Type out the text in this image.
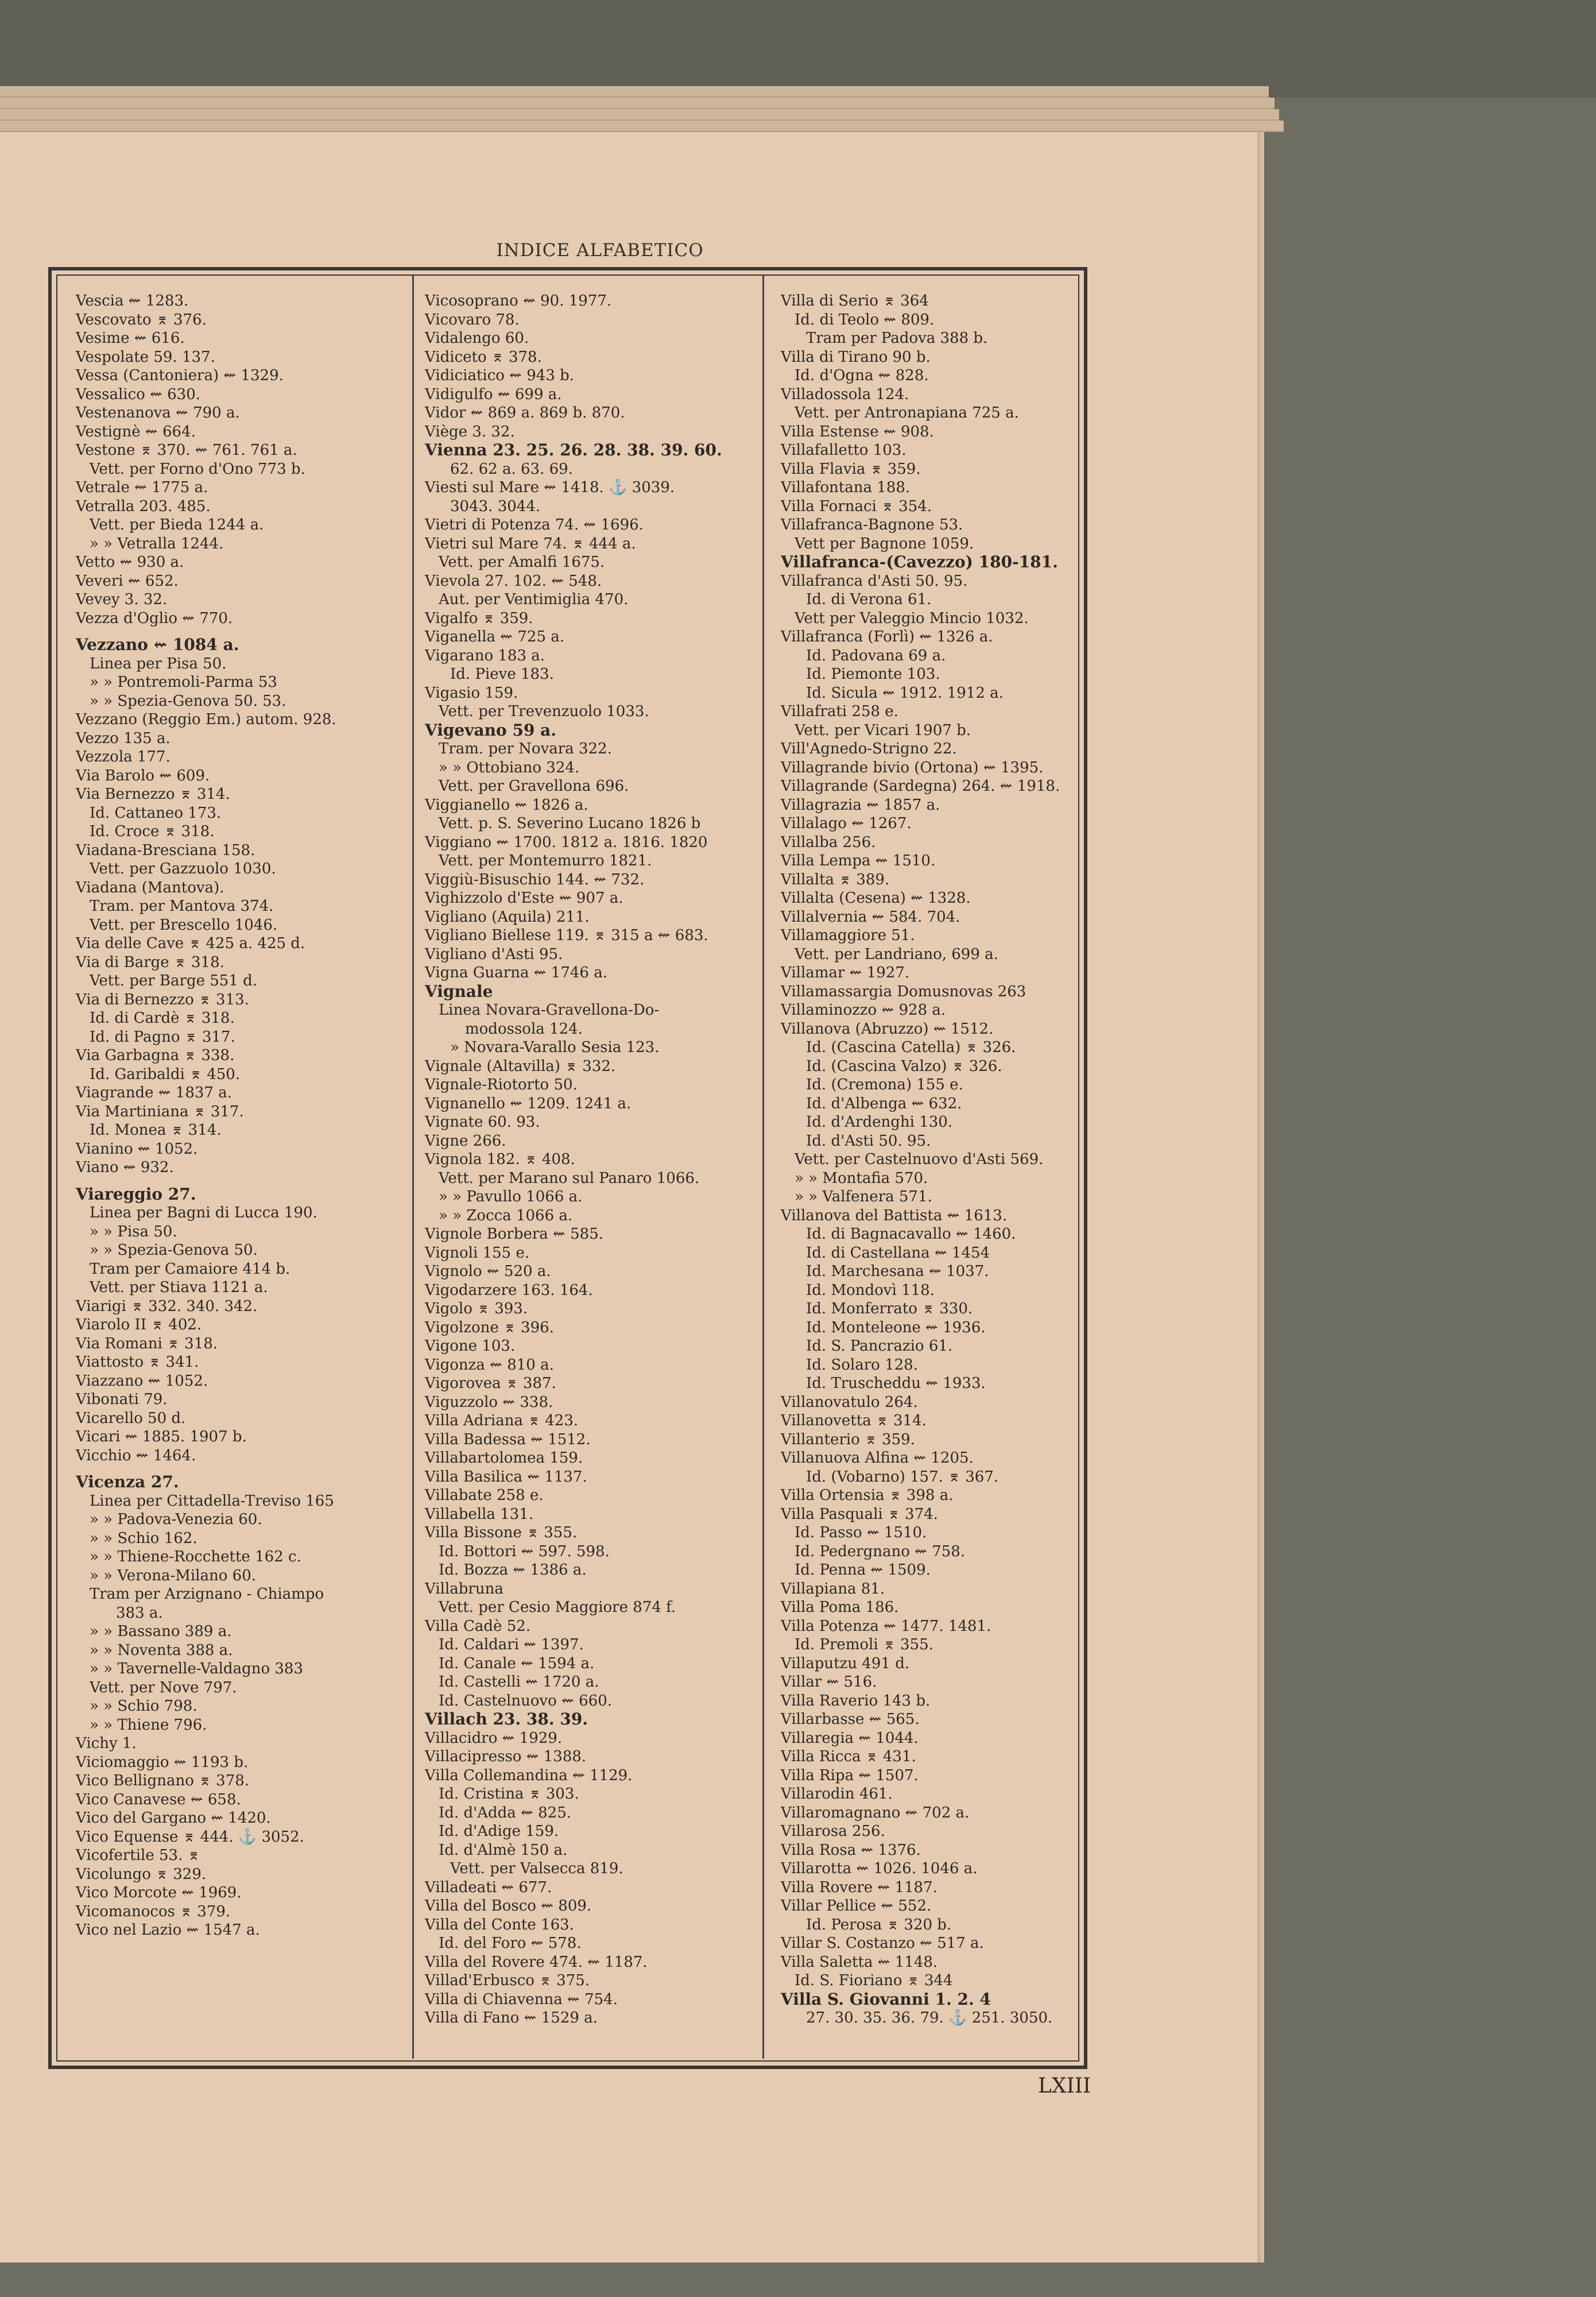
INDICE ALFABETICO
Vescia ⇜ 1283.
Vescovato ⌆ 376.
Vesime ⇜ 616.
Vespolate 59. 137.
Vessa (Cantoniera) ⇜ 1329.
Vessalico ⇜ 630.
Vestenanova ⇜ 790 a.
Vestignè ⇜ 664.
Vestone ⌆ 370. ⇜ 761. 761 a.
Vett. per Forno d'Ono 773 b.
Vetrale ⇜ 1775 a.
Vetralla 203. 485.
Vett. per Bieda 1244 a.
» » Vetralla 1244.
Vetto ⇜ 930 a.
Veveri ⇜ 652.
Vevey 3. 32.
Vezza d'Oglio ⇜ 770.
Vezzano ⇜ 1084 a.
Linea per Pisa 50.
» » Pontremoli-Parma 53
» » Spezia-Genova 50. 53.
Vezzano (Reggio Em.) autom. 928.
Vezzo 135 a.
Vezzola 177.
Via Barolo ⇜ 609.
Via Bernezzo ⌆ 314.
Id. Cattaneo 173.
Id. Croce ⌆ 318.
Viadana-Bresciana 158.
Vett. per Gazzuolo 1030.
Viadana (Mantova).
Tram. per Mantova 374.
Vett. per Brescello 1046.
Via delle Cave ⌆ 425 a. 425 d.
Via di Barge ⌆ 318.
Vett. per Barge 551 d.
Via di Bernezzo ⌆ 313.
Id. di Cardè ⌆ 318.
Id. di Pagno ⌆ 317.
Via Garbagna ⌆ 338.
Id. Garibaldi ⌆ 450.
Viagrande ⇜ 1837 a.
Via Martiniana ⌆ 317.
Id. Monea ⌆ 314.
Vianino ⇜ 1052.
Viano ⇜ 932.
Viareggio 27.
Linea per Bagni di Lucca 190.
» » Pisa 50.
» » Spezia-Genova 50.
Tram per Camaiore 414 b.
Vett. per Stiava 1121 a.
Viarigi ⌆ 332. 340. 342.
Viarolo II ⌆ 402.
Via Romani ⌆ 318.
Viattosto ⌆ 341.
Viazzano ⇜ 1052.
Vibonati 79.
Vicarello 50 d.
Vicari ⇜ 1885. 1907 b.
Vicchio ⇜ 1464.
Vicenza 27.
Linea per Cittadella-Treviso 165
» » Padova-Venezia 60.
» » Schio 162.
» » Thiene-Rocchette 162 c.
» » Verona-Milano 60.
Tram per Arzignano - Chiampo
383 a.
» » Bassano 389 a.
» » Noventa 388 a.
» » Tavernelle-Valdagno 383
Vett. per Nove 797.
» » Schio 798.
» » Thiene 796.
Vichy 1.
Viciomaggio ⇜ 1193 b.
Vico Bellignano ⌆ 378.
Vico Canavese ⇜ 658.
Vico del Gargano ⇜ 1420.
Vico Equense ⌆ 444. ⚓ 3052.
Vicofertile 53. ⌆
Vicolungo ⌆ 329.
Vico Morcote ⇜ 1969.
Vicomanocos ⌆ 379.
Vico nel Lazio ⇜ 1547 a.
Vicosoprano ⇜ 90. 1977.
Vicovaro 78.
Vidalengo 60.
Vidiceto ⌆ 378.
Vidiciatico ⇜ 943 b.
Vidigulfo ⇜ 699 a.
Vidor ⇜ 869 a. 869 b. 870.
Viège 3. 32.
Vienna 23. 25. 26. 28. 38. 39. 60.
62. 62 a. 63. 69.
Viesti sul Mare ⇜ 1418. ⚓ 3039.
3043. 3044.
Vietri di Potenza 74. ⇜ 1696.
Vietri sul Mare 74. ⌆ 444 a.
Vett. per Amalfi 1675.
Vievola 27. 102. ⇜ 548.
Aut. per Ventimiglia 470.
Vigalfo ⌆ 359.
Viganella ⇜ 725 a.
Vigarano 183 a.
Id. Pieve 183.
Vigasio 159.
Vett. per Trevenzuolo 1033.
Vigevano 59 a.
Tram. per Novara 322.
» » Ottobiano 324.
Vett. per Gravellona 696.
Viggianello ⇜ 1826 a.
Vett. p. S. Severino Lucano 1826 b
Viggiano ⇜ 1700. 1812 a. 1816. 1820
Vett. per Montemurro 1821.
Viggiù-Bisuschio 144. ⇜ 732.
Vighizzolo d'Este ⇜ 907 a.
Vigliano (Aquila) 211.
Vigliano Biellese 119. ⌆ 315 a ⇜ 683.
Vigliano d'Asti 95.
Vigna Guarna ⇜ 1746 a.
Vignale
Linea Novara-Gravellona-Do-
modossola 124.
» Novara-Varallo Sesia 123.
Vignale (Altavilla) ⌆ 332.
Vignale-Riotorto 50.
Vignanello ⇜ 1209. 1241 a.
Vignate 60. 93.
Vigne 266.
Vignola 182. ⌆ 408.
Vett. per Marano sul Panaro 1066.
» » Pavullo 1066 a.
» » Zocca 1066 a.
Vignole Borbera ⇜ 585.
Vignoli 155 e.
Vignolo ⇜ 520 a.
Vigodarzere 163. 164.
Vigolo ⌆ 393.
Vigolzone ⌆ 396.
Vigone 103.
Vigonza ⇜ 810 a.
Vigorovea ⌆ 387.
Viguzzolo ⇜ 338.
Villa Adriana ⌆ 423.
Villa Badessa ⇜ 1512.
Villabartolomea 159.
Villa Basilica ⇜ 1137.
Villabate 258 e.
Villabella 131.
Villa Bissone ⌆ 355.
Id. Bottori ⇜ 597. 598.
Id. Bozza ⇜ 1386 a.
Villabruna
Vett. per Cesio Maggiore 874 f.
Villa Cadè 52.
Id. Caldari ⇜ 1397.
Id. Canale ⇜ 1594 a.
Id. Castelli ⇜ 1720 a.
Id. Castelnuovo ⇜ 660.
Villach 23. 38. 39.
Villacidro ⇜ 1929.
Villacipresso ⇜ 1388.
Villa Collemandina ⇜ 1129.
Id. Cristina ⌆ 303.
Id. d'Adda ⇜ 825.
Id. d'Adige 159.
Id. d'Almè 150 a.
Vett. per Valsecca 819.
Villadeati ⇜ 677.
Villa del Bosco ⇜ 809.
Villa del Conte 163.
Id. del Foro ⇜ 578.
Villa del Rovere 474. ⇜ 1187.
Villad'Erbusco ⌆ 375.
Villa di Chiavenna ⇜ 754.
Villa di Fano ⇜ 1529 a.
Villa di Serio ⌆ 364
Id. di Teolo ⇜ 809.
Tram per Padova 388 b.
Villa di Tirano 90 b.
Id. d'Ogna ⇜ 828.
Villadossola 124.
Vett. per Antronapiana 725 a.
Villa Estense ⇜ 908.
Villafalletto 103.
Villa Flavia ⌆ 359.
Villafontana 188.
Villa Fornaci ⌆ 354.
Villafranca-Bagnone 53.
Vett per Bagnone 1059.
Villafranca-(Cavezzo) 180-181.
Villafranca d'Asti 50. 95.
Id. di Verona 61.
Vett per Valeggio Mincio 1032.
Villafranca (Forlì) ⇜ 1326 a.
Id. Padovana 69 a.
Id. Piemonte 103.
Id. Sicula ⇜ 1912. 1912 a.
Villafrati 258 e.
Vett. per Vicari 1907 b.
Vill'Agnedo-Strigno 22.
Villagrande bivio (Ortona) ⇜ 1395.
Villagrande (Sardegna) 264. ⇜ 1918.
Villagrazia ⇜ 1857 a.
Villalago ⇜ 1267.
Villalba 256.
Villa Lempa ⇜ 1510.
Villalta ⌆ 389.
Villalta (Cesena) ⇜ 1328.
Villalvernia ⇜ 584. 704.
Villamaggiore 51.
Vett. per Landriano, 699 a.
Villamar ⇜ 1927.
Villamassargia Domusnovas 263
Villaminozzo ⇜ 928 a.
Villanova (Abruzzo) ⇜ 1512.
Id. (Cascina Catella) ⌆ 326.
Id. (Cascina Valzo) ⌆ 326.
Id. (Cremona) 155 e.
Id. d'Albenga ⇜ 632.
Id. d'Ardenghi 130.
Id. d'Asti 50. 95.
Vett. per Castelnuovo d'Asti 569.
» » Montafia 570.
» » Valfenera 571.
Villanova del Battista ⇜ 1613.
Id. di Bagnacavallo ⇜ 1460.
Id. di Castellana ⇜ 1454
Id. Marchesana ⇜ 1037.
Id. Mondovì 118.
Id. Monferrato ⌆ 330.
Id. Monteleone ⇜ 1936.
Id. S. Pancrazio 61.
Id. Solaro 128.
Id. Truscheddu ⇜ 1933.
Villanovatulo 264.
Villanovetta ⌆ 314.
Villanterio ⌆ 359.
Villanuova Alfina ⇜ 1205.
Id. (Vobarno) 157. ⌆ 367.
Villa Ortensia ⌆ 398 a.
Villa Pasquali ⌆ 374.
Id. Passo ⇜ 1510.
Id. Pedergnano ⇜ 758.
Id. Penna ⇜ 1509.
Villapiana 81.
Villa Poma 186.
Villa Potenza ⇜ 1477. 1481.
Id. Premoli ⌆ 355.
Villaputzu 491 d.
Villar ⇜ 516.
Villa Raverio 143 b.
Villarbasse ⇜ 565.
Villaregia ⇜ 1044.
Villa Ricca ⌆ 431.
Villa Ripa ⇜ 1507.
Villarodin 461.
Villaromagnano ⇜ 702 a.
Villarosa 256.
Villa Rosa ⇜ 1376.
Villarotta ⇜ 1026. 1046 a.
Villa Rovere ⇜ 1187.
Villar Pellice ⇜ 552.
Id. Perosa ⌆ 320 b.
Villar S. Costanzo ⇜ 517 a.
Villa Saletta ⇜ 1148.
Id. S. Fioriano ⌆ 344
Villa S. Giovanni 1. 2. 4
27. 30. 35. 36. 79. ⚓ 251. 3050.
LXIII
